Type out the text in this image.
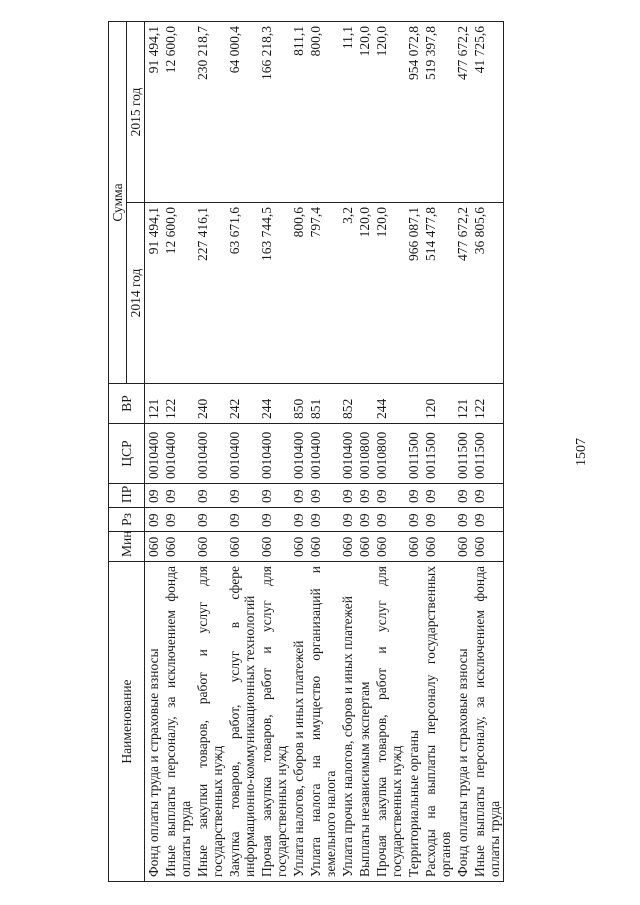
1507
Наименование	Мин	Рз	ПР	ЦСР	ВР	Сумма	
						2014 год	2015 год
Фонд оплаты труда и страховые взносы	060	09	09	0010400	121	91 494,1	91 494,1
Иные выплаты персоналу, за исключением фонда оплаты труда	060	09	09	0010400	122	12 600,0	12 600,0
Иные закупки товаров, работ и услуг для государственных нужд	060	09	09	0010400	240	227 416,1	230 218,7
Закупка товаров, работ, услуг в сфере информационно-коммуникационных технологий	060	09	09	0010400	242	63 671,6	64 000,4
Прочая закупка товаров, работ и услуг для государственных нужд	060	09	09	0010400	244	163 744,5	166 218,3
Уплата налогов, сборов и иных платежей	060	09	09	0010400	850	800,6	811,1
Уплата налога на имущество организаций и земельного налога	060	09	09	0010400	851	797,4	800,0
Уплата прочих налогов, сборов и иных платежей	060	09	09	0010400	852	3,2	11,1
Выплаты независимым экспертам	060	09	09	0010800		120,0	120,0
Прочая закупка товаров, работ и услуг для государственных нужд	060	09	09	0010800	244	120,0	120,0
Территориальные органы	060	09	09	0011500		966 087,1	954 072,8
Расходы на выплаты персоналу государственных органов	060	09	09	0011500	120	514 477,8	519 397,8
Фонд оплаты труда и страховые взносы	060	09	09	0011500	121	477 672,2	477 672,2
Иные выплаты персоналу, за исключением фонда оплаты труда	060	09	09	0011500	122	36 805,6	41 725,6
